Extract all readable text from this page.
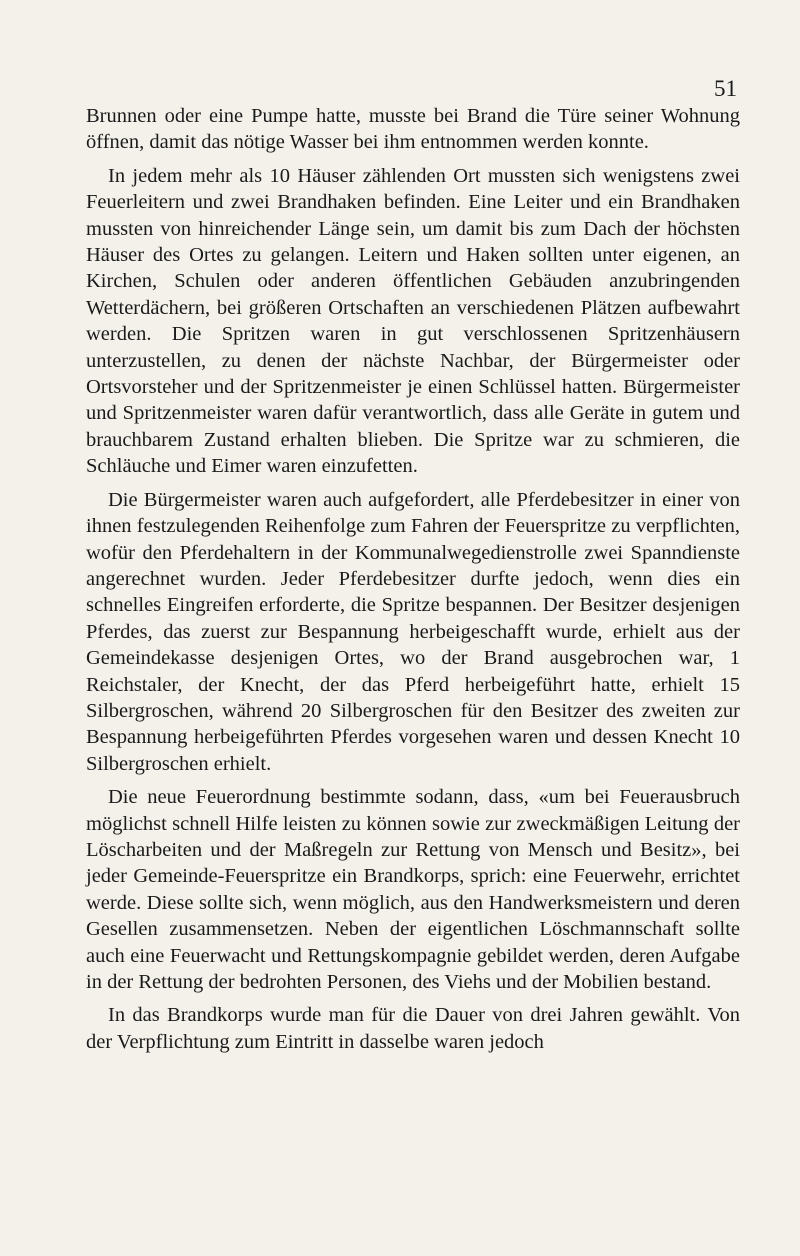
51

Brunnen oder eine Pumpe hatte, musste bei Brand die Türe seiner Wohnung öffnen, damit das nötige Wasser bei ihm entnommen werden konnte.

In jedem mehr als 10 Häuser zählenden Ort mussten sich wenigstens zwei Feuerleitern und zwei Brandhaken befinden. Eine Leiter und ein Brandhaken mussten von hinreichender Länge sein, um damit bis zum Dach der höchsten Häuser des Ortes zu gelangen. Leitern und Haken sollten unter eigenen, an Kirchen, Schulen oder anderen öffentlichen Gebäuden anzubringenden Wetterdächern, bei größeren Ortschaften an verschiedenen Plätzen aufbewahrt werden. Die Spritzen waren in gut verschlossenen Spritzenhäusern unterzustellen, zu denen der nächste Nachbar, der Bürgermeister oder Ortsvorsteher und der Spritzenmeister je einen Schlüssel hatten. Bürgermeister und Spritzenmeister waren dafür verantwortlich, dass alle Geräte in gutem und brauchbarem Zustand erhalten blieben. Die Spritze war zu schmieren, die Schläuche und Eimer waren einzufetten.

Die Bürgermeister waren auch aufgefordert, alle Pferdebesitzer in einer von ihnen festzulegenden Reihenfolge zum Fahren der Feuerspritze zu verpflichten, wofür den Pferdehaltern in der Kommunalwegedienstrolle zwei Spanndienste angerechnet wurden. Jeder Pferdebesitzer durfte jedoch, wenn dies ein schnelles Eingreifen erforderte, die Spritze bespannen. Der Besitzer desjenigen Pferdes, das zuerst zur Bespannung herbeigeschafft wurde, erhielt aus der Gemeindekasse desjenigen Ortes, wo der Brand ausgebrochen war, 1 Reichstaler, der Knecht, der das Pferd herbeigeführt hatte, erhielt 15 Silbergroschen, während 20 Silbergroschen für den Besitzer des zweiten zur Bespannung herbeigeführten Pferdes vorgesehen waren und dessen Knecht 10 Silbergroschen erhielt.

Die neue Feuerordnung bestimmte sodann, dass, «um bei Feuerausbruch möglichst schnell Hilfe leisten zu können sowie zur zweckmäßigen Leitung der Löscharbeiten und der Maßregeln zur Rettung von Mensch und Besitz», bei jeder Gemeinde-Feuerspritze ein Brandkorps, sprich: eine Feuerwehr, errichtet werde. Diese sollte sich, wenn möglich, aus den Handwerksmeistern und deren Gesellen zusammensetzen. Neben der eigentlichen Löschmannschaft sollte auch eine Feuerwacht und Rettungskompagnie gebildet werden, deren Aufgabe in der Rettung der bedrohten Personen, des Viehs und der Mobilien bestand.

In das Brandkorps wurde man für die Dauer von drei Jahren gewählt. Von der Verpflichtung zum Eintritt in dasselbe waren jedoch
